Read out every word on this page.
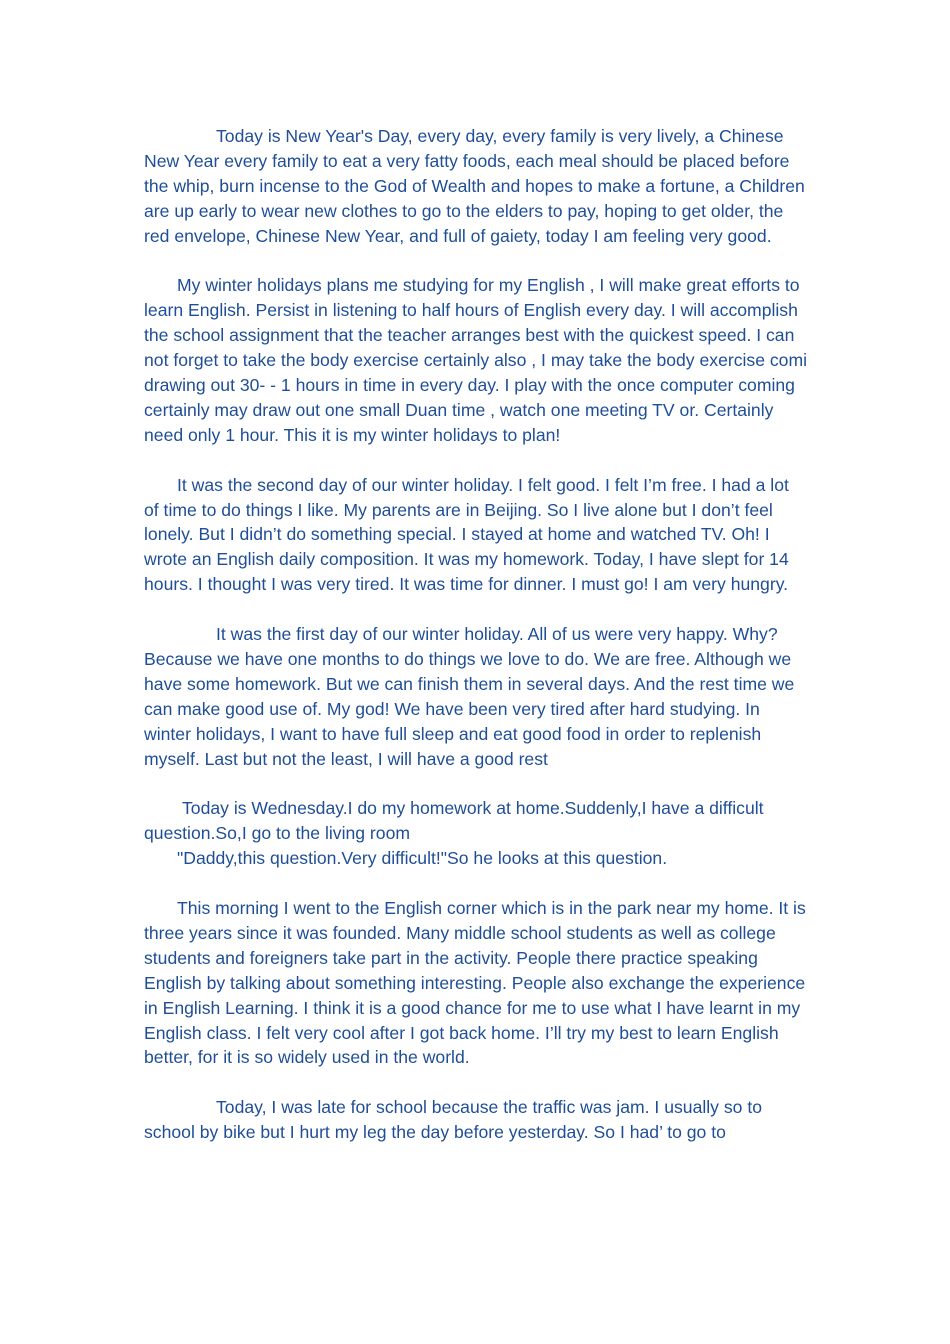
Today is New Year's Day, every day, every family is very lively, a Chinese New Year every family to eat a very fatty foods, each meal should be placed before the whip, burn incense to the God of Wealth and hopes to make a fortune, a Children are up early to wear new clothes to go to the elders to pay, hoping to get older, the red envelope, Chinese New Year, and full of gaiety, today I am feeling very good.

My winter holidays plans me studying for my English , I will make great efforts to learn English. Persist in listening to half hours of English every day. I will accomplish the school assignment that the teacher arranges best with the quickest speed. I can not forget to take the body exercise certainly also , I may take the body exercise comi drawing out 30- - 1 hours in time in every day. I play with the once computer coming certainly may draw out one small Duan time , watch one meeting TV or. Certainly need only 1 hour. This it is my winter holidays to plan!

It was the second day of our winter holiday. I felt good. I felt I’m free. I had a lot of time to do things I like. My parents are in Beijing. So I live alone but I don’t feel lonely. But I didn’t do something special. I stayed at home and watched TV. Oh! I wrote an English daily composition. It was my homework. Today, I have slept for 14 hours. I thought I was very tired. It was time for dinner. I must go! I am very hungry.

It was the first day of our winter holiday. All of us were very happy. Why? Because we have one months to do things we love to do. We are free. Although we have some homework. But we can finish them in several days. And the rest time we can make good use of. My god! We have been very tired after hard studying. In winter holidays, I want to have full sleep and eat good food in order to replenish myself. Last but not the least, I will have a good rest

Today is Wednesday.I do my homework at home.Suddenly,I have a difficult question.So,I go to the living room

"Daddy,this question.Very difficult!"So he looks at this question.

This morning I went to the English corner which is in the park near my home. It is three years since it was founded. Many middle school students as well as college students and foreigners take part in the activity. People there practice speaking English by talking about something interesting. People also exchange the experience in English Learning. I think it is a good chance for me to use what I have learnt in my English class. I felt very cool after I got back home. I’ll try my best to learn English better, for it is so widely used in the world.

Today, I was late for school because the traffic was jam. I usually so to school by bike but I hurt my leg the day before yesterday. So I had’ to go to
